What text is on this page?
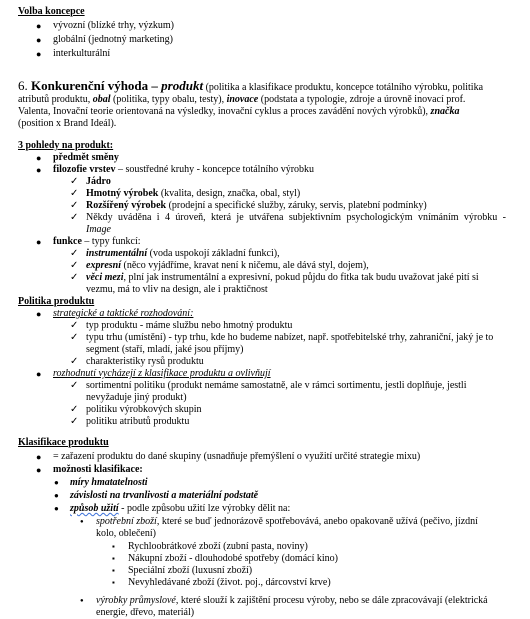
Volba koncepce
● vývozní (blízké trhy, výzkum)
● globální (jednotný marketing)
● interkulturální
6. Konkurenční výhoda – produkt (politika a klasifikace produktu, koncepce totálního výrobku, politika
atributů produktu, obal (politika, typy obalu, testy), inovace (podstata a typologie, zdroje a úrovně inovací prof.
Valenta, Inovační teorie orientovaná na výsledky, inovační cyklus a proces zavádění nových výrobků), značka
(position x Brand Ideál).
3 pohledy na produkt:
● předmět směny
● filozofie vrstev – soustředné kruhy - koncepce totálního výrobku
✓ Jádro
✓ Hmotný výrobek (kvalita, design, značka, obal, styl)
✓ Rozšířený výrobek (prodejní a specifické služby, záruky, servis, platební podmínky)
✓ Někdy uváděna i 4 úroveň, která je utvářena subjektivním psychologickým vnímáním výrobku -
Image
● funkce – typy funkcí:
✓ instrumentální (voda uspokojí základní funkci),
✓ expresní (něco vyjádříme, kravat není k ničemu, ale dává styl, dojem),
✓ věci mezi, plní jak instrumentální a expresivní, pokud půjdu do fitka tak budu uvažovat jaké pití si
vezmu, má to vliv na design, ale i praktičnost
Politika produktu
● strategické a taktické rozhodování:
✓ typ produktu - máme službu nebo hmotný produktu
✓ typu trhu (umístění) - typ trhu, kde ho budeme nabízet, např. spotřebitelské trhy, zahraniční, jaký je to
segment (staří, mladí, jaké jsou příjmy)
✓ charakteristiky rysů produktu
● rozhodnutí vycházejí z klasifikace produktu a ovlivňují
✓ sortimentní politiku (produkt nemáme samostatně, ale v rámci sortimentu, jestli doplňuje, jestli
nevyžaduje jiný produkt)
✓ politiku výrobkových skupin
✓ politiku atributů produktu
Klasifikace produktu
● = zařazení produktu do dané skupiny (usnadňuje přemýšlení o využití určité strategie mixu)
● možnosti klasifikace:
● míry hmatatelnosti
● závislosti na trvanlivosti a materiální podstatě
● způsob užití - podle způsobu užití lze výrobky dělit na:
● spotřební zboží, které se buď jednorázově spotřebovává, anebo opakovaně užívá (pečivo, jízdní
kolo, oblečení)
▪ Rychloobrátkové zboží (zubní pasta, noviny)
▪ Nákupní zboží - dlouhodobé spotřeby (domácí kino)
▪ Speciální zboží (luxusní zboží)
▪ Nevyhledávané zboží (život. poj., dárcovství krve)
● výrobky průmyslové, které slouží k zajištění procesu výroby, nebo se dále zpracovávají (elektrická
energie, dřevo, materiál)
